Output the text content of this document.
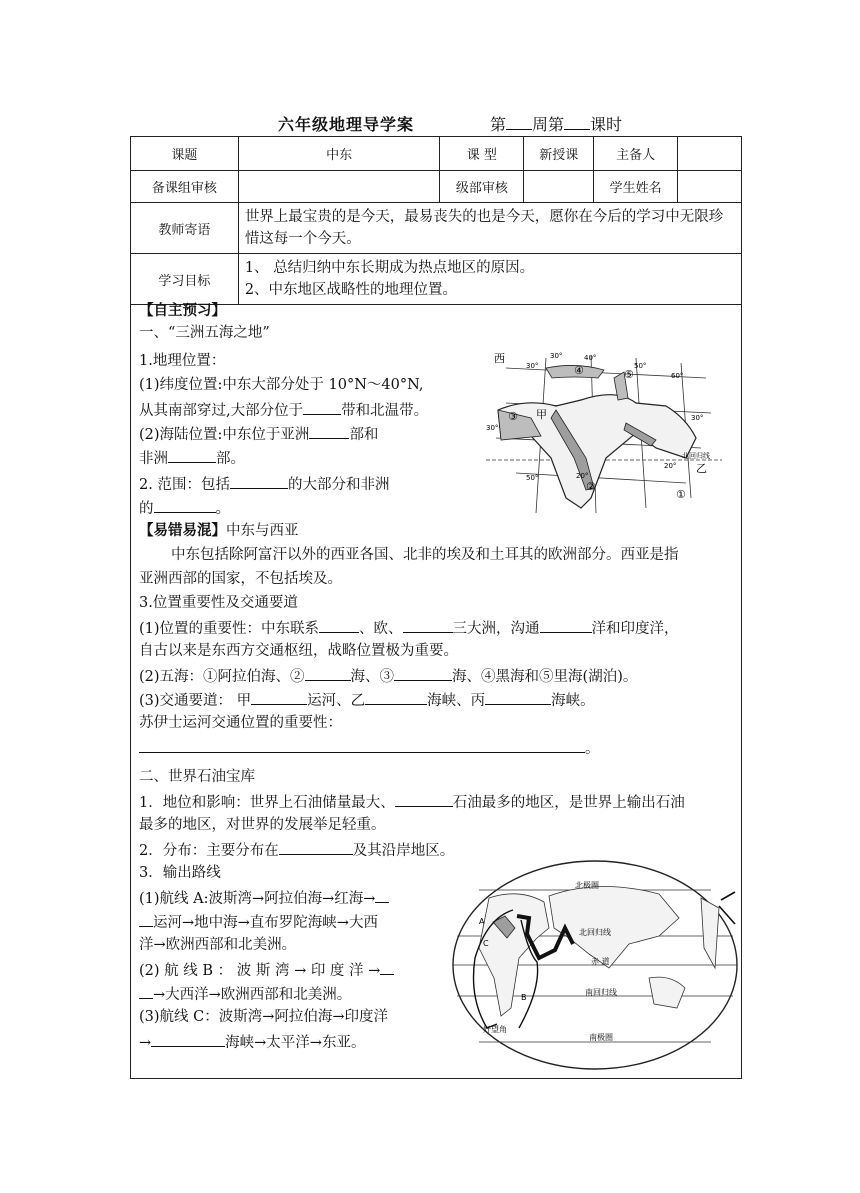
六年级地理导学案	第 周第 课时
课题	中东	课 型	新授课	主备人	
备课组审核		级部审核		学生姓名	
教师寄语	世界上最宝贵的是今天，最易丧失的也是今天，愿你在今后的学习中无限珍惜这每一个今天。				
学习目标	1、 总结归纳中东长期成为热点地区的原因。
2、中东地区战略性的地理位置。				
【自主预习】
一、“三洲五海之地”
1.地理位置：
(1)纬度位置:中东大部分处于 10°N～40°N,
从其南部穿过,大部分位于	带和北温带。
(2)海陆位置:中东位于亚洲	部和
非洲	部。
2. 范围：包括	的大部分和非洲
的	。
西
30°
30°	40°
50°
60°
④	⑤
③ 甲
30°
30°
北回归线
乙
②
20°
20°
50°
①
【易错易混】中东与西亚
中东包括除阿富汗以外的西亚各国、北非的埃及和土耳其的欧洲部分。西亚是指
亚洲西部的国家，不包括埃及。
3.位置重要性及交通要道
(1)位置的重要性：中东联系	、欧、	三大洲，沟通	洋和印度洋，
自古以来是东西方交通枢纽，战略位置极为重要。
(2)五海：①阿拉伯海、②	海、③	海、④黑海和⑤里海(湖泊)。
(3)交通要道： 甲	运河、乙	海峡、丙	海峡。
苏伊士运河交通位置的重要性：
。
二、世界石油宝库
1．地位和影响：世界上石油储量最大、	石油最多的地区，是世界上输出石油
最多的地区，对世界的发展举足轻重。
2．分布：主要分布在	及其沿岸地区。
3．输出路线
(1)航线 A:波斯湾→阿拉伯海→红海→
运河→地中海→直布罗陀海峡→大西
洋→欧洲西部和北美洲。
(2) 航 线 B ： 波 斯 湾 → 印 度 洋 →
→大西洋→欧洲西部和北美洲。
(3)航线 C：波斯湾→阿拉伯海→印度洋
→	海峡→太平洋→东亚。
北极圈
北回归线
赤 道
南回归线
南极圈
好望角
A
B
C
